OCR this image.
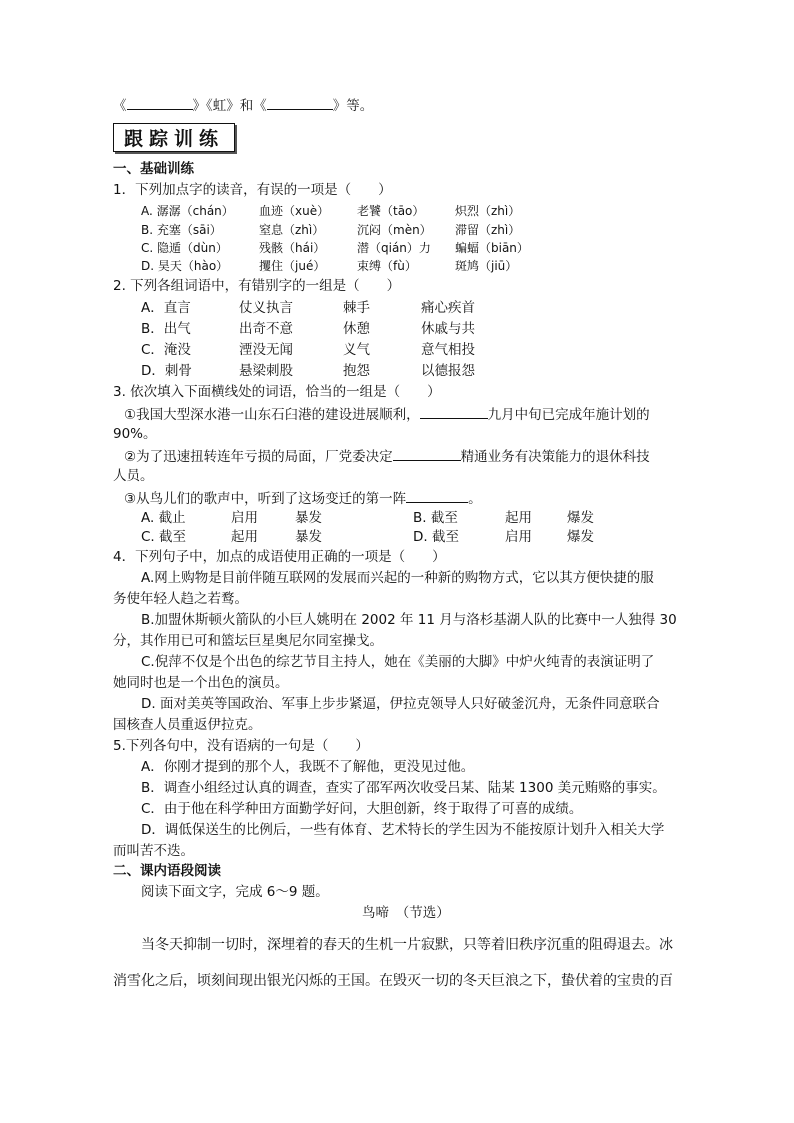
《	》《虹》和《	》等。
跟踪训练
一、基础训练
1．下列加点字的读音，有误的一项是（　　）
A. 潺潺（chán） 血迹（xuè） 老饕（tāo）	炽烈（zhì）
B. 充塞（sāi）	窒息（zhì）	沉闷（mèn） 滞留（zhì）
C. 隐遁（dùn）	残骸（hái）	潜（qián）力 蝙蝠（biān）
D. 昊天（hào）	攫住（jué）	束缚（fù）	斑鸠（jiū）
2. 下列各组词语中，有错别字的一组是（　　）
A．直言	仗义执言	棘手	痛心疾首
B．出气	出奇不意	休憩	休戚与共
C．淹没	湮没无闻	义气	意气相投
D．刺骨	悬梁刺股	抱怨	以德报怨
3. 依次填入下面横线处的词语，恰当的一组是（　　）
①我国大型深水港一山东石臼港的建设进展顺利，	九月中旬已完成年施计划的
90%。
②为了迅速扭转连年亏损的局面，厂党委决定	精通业务有决策能力的退休科技
人员。
③从鸟儿们的歌声中，听到了这场变迁的第一阵	。
A. 截止	启用	暴发	B. 截至	起用	爆发
C. 截至	起用	暴发	D. 截至	启用	爆发
4．下列句子中，加点的成语使用正确的一项是（　　）
A.网上购物是目前伴随互联网的发展而兴起的一种新的购物方式，它以其方便快捷的服
务使年轻人趋之若鹜。
B.加盟休斯顿火箭队的小巨人姚明在 2002 年 11 月与洛杉基湖人队的比赛中一人独得 30
分，其作用已可和篮坛巨星奥尼尔同室操戈。
C.倪萍不仅是个出色的综艺节目主持人，她在《美丽的大脚》中炉火纯青的表演证明了
她同时也是一个出色的演员。
D. 面对美英等国政治、军事上步步紧逼，伊拉克领导人只好破釜沉舟，无条件同意联合
国核查人员重返伊拉克。
5.下列各句中，没有语病的一句是（　　）
A．你刚才提到的那个人，我既不了解他，更没见过他。
B．调查小组经过认真的调查，查实了邵军两次收受吕某、陆某 1300 美元贿赂的事实。
C．由于他在科学种田方面勤学好问，大胆创新，终于取得了可喜的成绩。
D．调低保送生的比例后，一些有体育、艺术特长的学生因为不能按原计划升入相关大学
而叫苦不迭。
二、课内语段阅读
阅读下面文字，完成 6～9 题。
鸟啼　（节选）
当冬天抑制一切时，深埋着的春天的生机一片寂默，只等着旧秩序沉重的阻碍退去。冰
消雪化之后，顷刻间现出银光闪烁的王国。在毁灭一切的冬天巨浪之下，蛰伏着的宝贵的百
